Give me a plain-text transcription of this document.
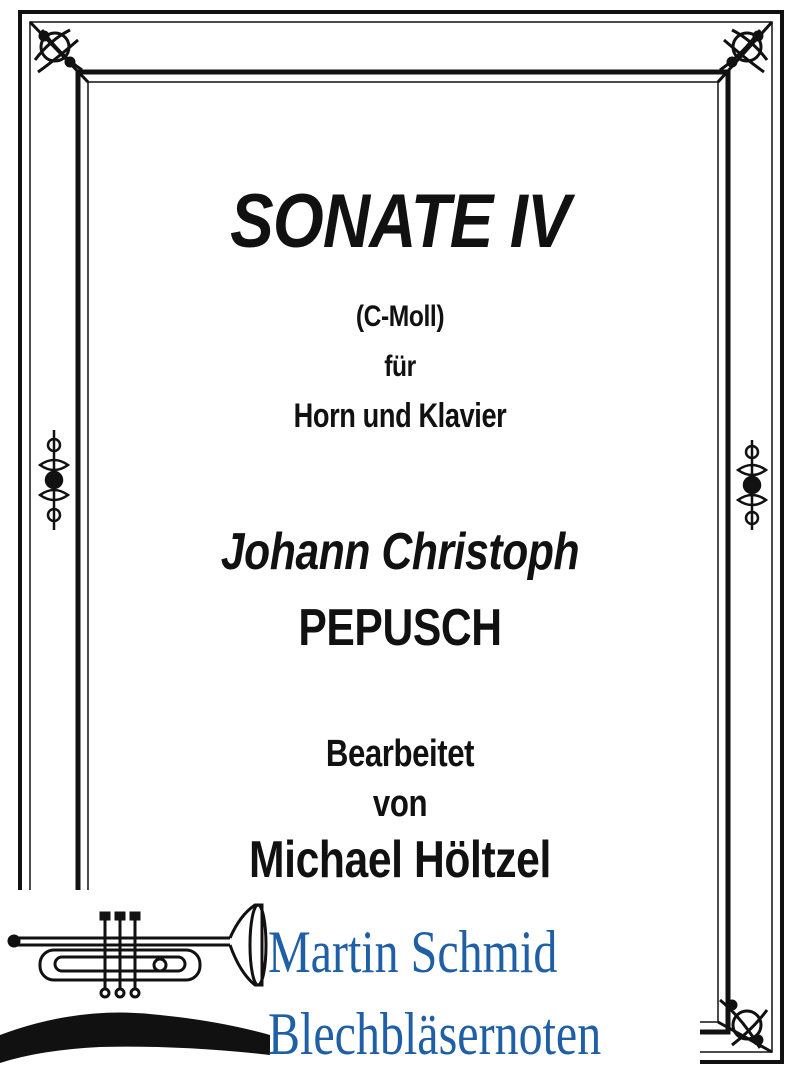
SONATE IV
(C-Moll)
für
Horn und Klavier
Johann Christoph
PEPUSCH
Bearbeitet
von
Michael Höltzel
Martin Schmid
Blechbläsernoten
